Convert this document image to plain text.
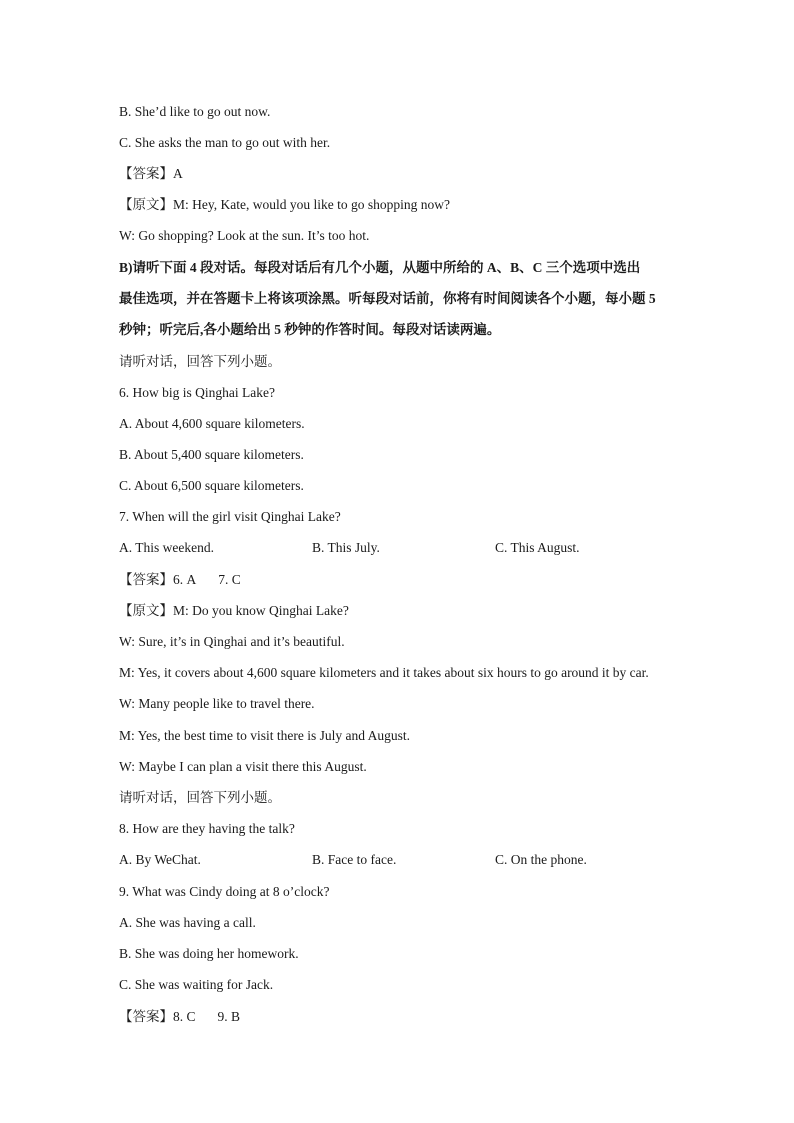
B. She’d like to go out now.
C. She asks the man to go out with her.
【答案】A
【原文】M: Hey, Kate, would you like to go shopping now?
W: Go shopping? Look at the sun. It’s too hot.
B)请听下面 4 段对话。每段对话后有几个小题，从题中所给的 A、B、C 三个选项中选出
最佳选项，并在答题卡上将该项涂黑。听每段对话前，你将有时间阅读各个小题，每小题 5
秒钟；听完后,各小题给出 5 秒钟的作答时间。每段对话读两遍。
请听对话，回答下列小题。
6. How big is Qinghai Lake?
A. About 4,600 square kilometers.
B. About 5,400 square kilometers.
C. About 6,500 square kilometers.
7. When will the girl visit Qinghai Lake?
A. This weekend.	B. This July.	C. This August.
【答案】6. A 7. C
【原文】M: Do you know Qinghai Lake?
W: Sure, it’s in Qinghai and it’s beautiful.
M: Yes, it covers about 4,600 square kilometers and it takes about six hours to go around it by car.
W: Many people like to travel there.
M: Yes, the best time to visit there is July and August.
W: Maybe I can plan a visit there this August.
请听对话，回答下列小题。
8. How are they having the talk?
A. By WeChat.	B. Face to face.	C. On the phone.
9. What was Cindy doing at 8 o’clock?
A. She was having a call.
B. She was doing her homework.
C. She was waiting for Jack.
【答案】8. C 9. B
